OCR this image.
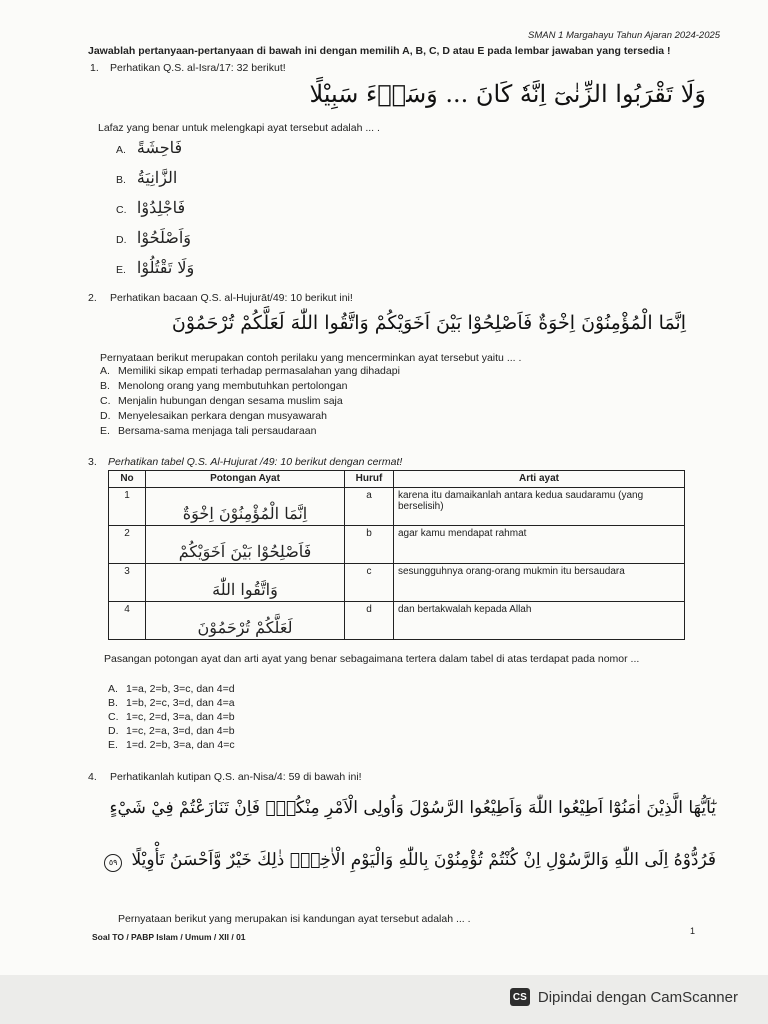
SMAN 1 Margahayu Tahun Ajaran 2024-2025
Jawablah pertanyaan-pertanyaan di bawah ini dengan memilih A, B, C, D atau E pada lembar jawaban yang tersedia !
1. Perhatikan Q.S. al-Isra/17: 32 berikut!
وَلَا تَقْرَبُوا الزِّنٰىٓ اِنَّهٗ كَانَ ... وَسَاۤءَ سَبِيْلًا
Lafaz yang benar untuk melengkapi ayat tersebut adalah ... .
A. فَاحِشَةً
B. الزَّانِيَةُ
C. فَاجْلِدُوْا
D. وَاَصْلَحُوْا
E. وَلَا تَقْتُلُوْا
2. Perhatikan bacaan Q.S. al-Hujurāt/49: 10 berikut ini!
اِنَّمَا الْمُؤْمِنُوْنَ اِخْوَةٌ فَاَصْلِحُوْا بَيْنَ اَخَوَيْكُمْ وَاتَّقُوا اللّٰهَ لَعَلَّكُمْ تُرْحَمُوْنَ
Pernyataan berikut merupakan contoh perilaku yang mencerminkan ayat tersebut yaitu ... .
A. Memiliki sikap empati terhadap permasalahan yang dihadapi
B. Menolong orang yang membutuhkan pertolongan
C. Menjalin hubungan dengan sesama muslim saja
D. Menyelesaikan perkara dengan musyawarah
E. Bersama-sama menjaga tali persaudaraan
3. Perhatikan tabel Q.S. Al-Hujurat /49: 10 berikut dengan cermat!
No	Potongan Ayat	Huruf	Arti ayat
1	اِنَّمَا الْمُؤْمِنُوْنَ اِخْوَةٌ	a	karena itu damaikanlah antara kedua saudaramu (yang berselisih)
2	فَاَصْلِحُوْا بَيْنَ اَخَوَيْكُمْ	b	agar kamu mendapat rahmat
3	وَاتَّقُوا اللّٰهَ	c	sesungguhnya orang-orang mukmin itu bersaudara
4	لَعَلَّكُمْ تُرْحَمُوْنَ	d	dan bertakwalah kepada Allah
Pasangan potongan ayat dan arti ayat yang benar sebagaimana tertera dalam tabel di atas terdapat pada nomor ...
A. 1=a, 2=b, 3=c, dan 4=d
B. 1=b, 2=c, 3=d, dan 4=a
C. 1=c, 2=d, 3=a, dan 4=b
D. 1=c, 2=a, 3=d, dan 4=b
E. 1=d. 2=b, 3=a, dan 4=c
4. Perhatikanlah kutipan Q.S. an-Nisa/4: 59 di bawah ini!
يٰٓاَيُّهَا الَّذِيْنَ اٰمَنُوْٓا اَطِيْعُوا اللّٰهَ وَاَطِيْعُوا الرَّسُوْلَ وَاُولِى الْاَمْرِ مِنْكُمْۚ فَاِنْ تَنَازَعْتُمْ فِيْ شَيْءٍ
فَرُدُّوْهُ اِلَى اللّٰهِ وَالرَّسُوْلِ اِنْ كُنْتُمْ تُؤْمِنُوْنَ بِاللّٰهِ وَالْيَوْمِ الْاٰخِرِۗ ذٰلِكَ خَيْرٌ وَّاَحْسَنُ تَأْوِيْلًا ٥٩
Pernyataan berikut yang merupakan isi kandungan ayat tersebut adalah ... .
Soal TO / PABP Islam / Umum / XII / 01
1
CS Dipindai dengan CamScanner
